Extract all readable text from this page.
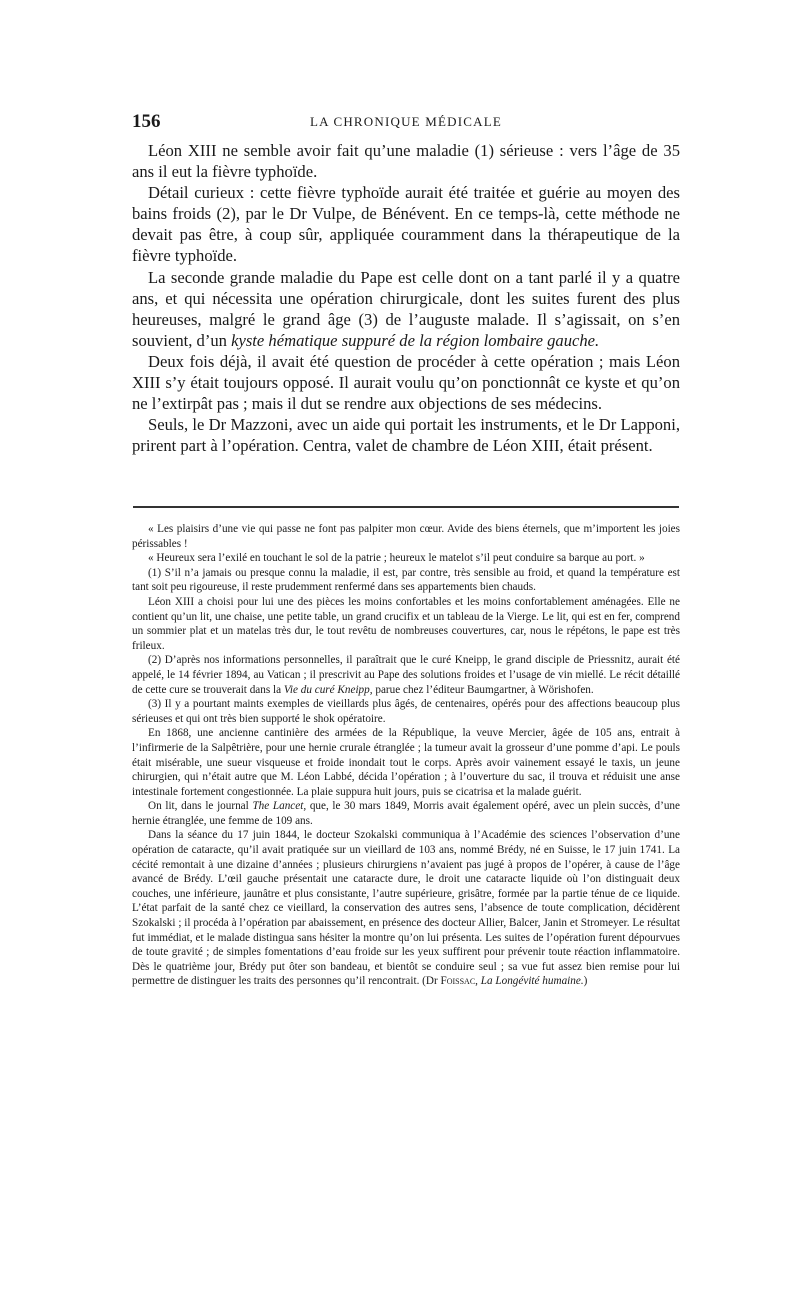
156	LA CHRONIQUE MÉDICALE

Léon XIII ne semble avoir fait qu’une maladie (1) sérieuse : vers l’âge de 35 ans il eut la fièvre typhoïde.

Détail curieux : cette fièvre typhoïde aurait été traitée et guérie au moyen des bains froids (2), par le Dr Vulpe, de Bénévent. En ce temps-là, cette méthode ne devait pas être, à coup sûr, appliquée couramment dans la thérapeutique de la fièvre typhoïde.

La seconde grande maladie du Pape est celle dont on a tant parlé il y a quatre ans, et qui nécessita une opération chirurgicale, dont les suites furent des plus heureuses, malgré le grand âge (3) de l’auguste malade. Il s’agissait, on s’en souvient, d’un kyste hématique suppuré de la région lombaire gauche.

Deux fois déjà, il avait été question de procéder à cette opération ; mais Léon XIII s’y était toujours opposé. Il aurait voulu qu’on ponctionnât ce kyste et qu’on ne l’extirpât pas ; mais il dut se rendre aux objections de ses médecins.

Seuls, le Dr Mazzoni, avec un aide qui portait les instruments, et le Dr Lapponi, prirent part à l’opération. Centra, valet de chambre de Léon XIII, était présent.

« Les plaisirs d’une vie qui passe ne font pas palpiter mon cœur. Avide des biens éternels, que m’importent les joies périssables !

« Heureux sera l’exilé en touchant le sol de la patrie ; heureux le matelot s’il peut conduire sa barque au port. »

(1) S’il n’a jamais ou presque connu la maladie, il est, par contre, très sensible au froid, et quand la température est tant soit peu rigoureuse, il reste prudemment renfermé dans ses appartements bien chauds.

Léon XIII a choisi pour lui une des pièces les moins confortables et les moins confortablement aménagées. Elle ne contient qu’un lit, une chaise, une petite table, un grand crucifix et un tableau de la Vierge. Le lit, qui est en fer, comprend un sommier plat et un matelas très dur, le tout revêtu de nombreuses couvertures, car, nous le répétons, le pape est très frileux.

(2) D’après nos informations personnelles, il paraîtrait que le curé Kneipp, le grand disciple de Priessnitz, aurait été appelé, le 14 février 1894, au Vatican ; il prescrivit au Pape des solutions froides et l’usage de vin miellé. Le récit détaillé de cette cure se trouverait dans la Vie du curé Kneipp, parue chez l’éditeur Baumgartner, à Wörishofen.

(3) Il y a pourtant maints exemples de vieillards plus âgés, de centenaires, opérés pour des affections beaucoup plus sérieuses et qui ont très bien supporté le shok opératoire.

En 1868, une ancienne cantinière des armées de la République, la veuve Mercier, âgée de 105 ans, entrait à l’infirmerie de la Salpêtrière, pour une hernie crurale étranglée ; la tumeur avait la grosseur d’une pomme d’api. Le pouls était misérable, une sueur visqueuse et froide inondait tout le corps. Après avoir vainement essayé le taxis, un jeune chirurgien, qui n’était autre que M. Léon Labbé, décida l’opération ; à l’ouverture du sac, il trouva et réduisit une anse intestinale fortement congestionnée. La plaie suppura huit jours, puis se cicatrisa et la malade guérit.

On lit, dans le journal The Lancet, que, le 30 mars 1849, Morris avait également opéré, avec un plein succès, d’une hernie étranglée, une femme de 109 ans.

Dans la séance du 17 juin 1844, le docteur Szokalski communiqua à l’Académie des sciences l’observation d’une opération de cataracte, qu’il avait pratiquée sur un vieillard de 103 ans, nommé Brédy, né en Suisse, le 17 juin 1741. La cécité remontait à une dizaine d’années ; plusieurs chirurgiens n’avaient pas jugé à propos de l’opérer, à cause de l’âge avancé de Brédy. L’œil gauche présentait une cataracte dure, le droit une cataracte liquide où l’on distinguait deux couches, une inférieure, jaunâtre et plus consistante, l’autre supérieure, grisâtre, formée par la partie ténue de ce liquide. L’état parfait de la santé chez ce vieillard, la conservation des autres sens, l’absence de toute complication, décidèrent Szokalski ; il procéda à l’opération par abaissement, en présence des docteur Allier, Balcer, Janin et Stromeyer. Le résultat fut immédiat, et le malade distingua sans hésiter la montre qu’on lui présenta. Les suites de l’opération furent dépourvues de toute gravité ; de simples fomentations d’eau froide sur les yeux suffirent pour prévenir toute réaction inflammatoire. Dès le quatrième jour, Brédy put ôter son bandeau, et bientôt se conduire seul ; sa vue fut assez bien remise pour lui permettre de distinguer les traits des personnes qu’il rencontrait. (Dr Foissac, La Longévité humaine.)
